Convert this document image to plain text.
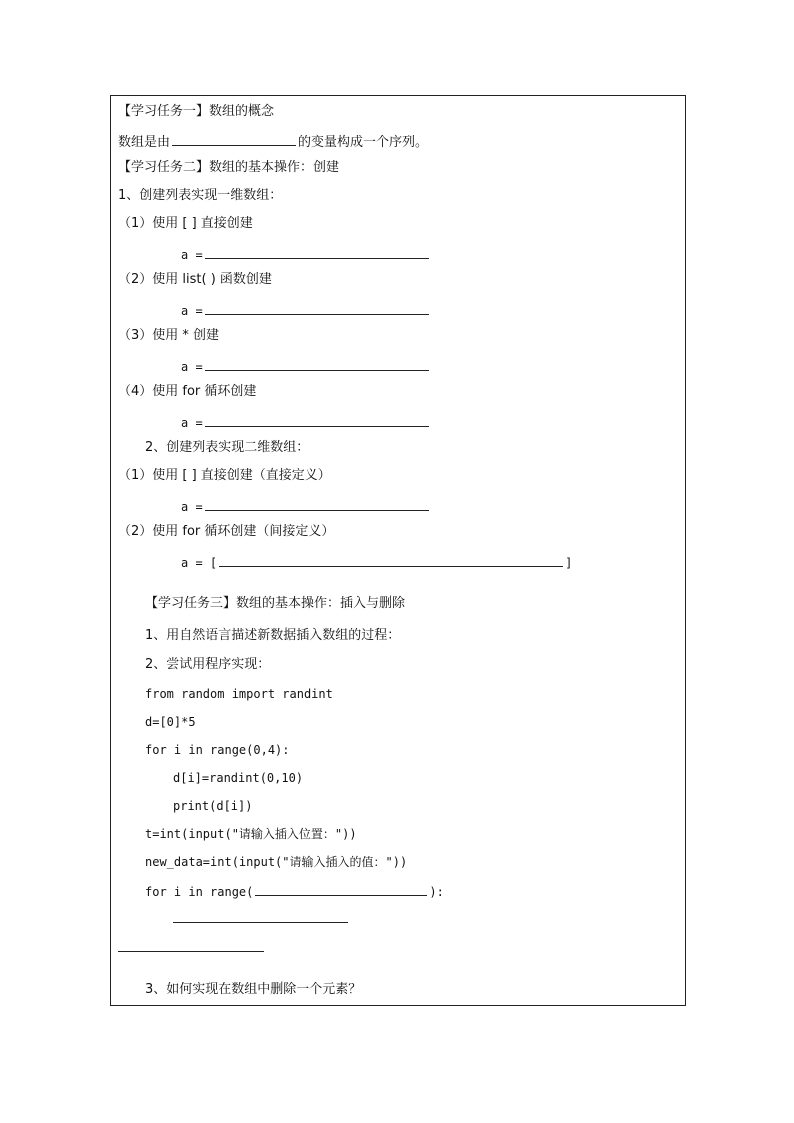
【学习任务一】数组的概念
数组是由	的变量构成一个序列。
【学习任务二】数组的基本操作：创建
1、创建列表实现一维数组：
（1）使用 [ ] 直接创建
a =
（2）使用 list( ) 函数创建
a =
（3）使用 * 创建
a =
（4）使用 for 循环创建
a =
2、创建列表实现二维数组：
（1）使用 [ ] 直接创建（直接定义）
a =
（2）使用 for 循环创建（间接定义）
a = [	]
【学习任务三】数组的基本操作：插入与删除
1、用自然语言描述新数据插入数组的过程：
2、尝试用程序实现：
from random import randint
d=[0]*5
for i in range(0,4):
d[i]=randint(0,10)
print(d[i])
t=int(input("请输入插入位置："))
new_data=int(input("请输入插入的值："))
for i in range(	):
3、如何实现在数组中删除一个元素？
